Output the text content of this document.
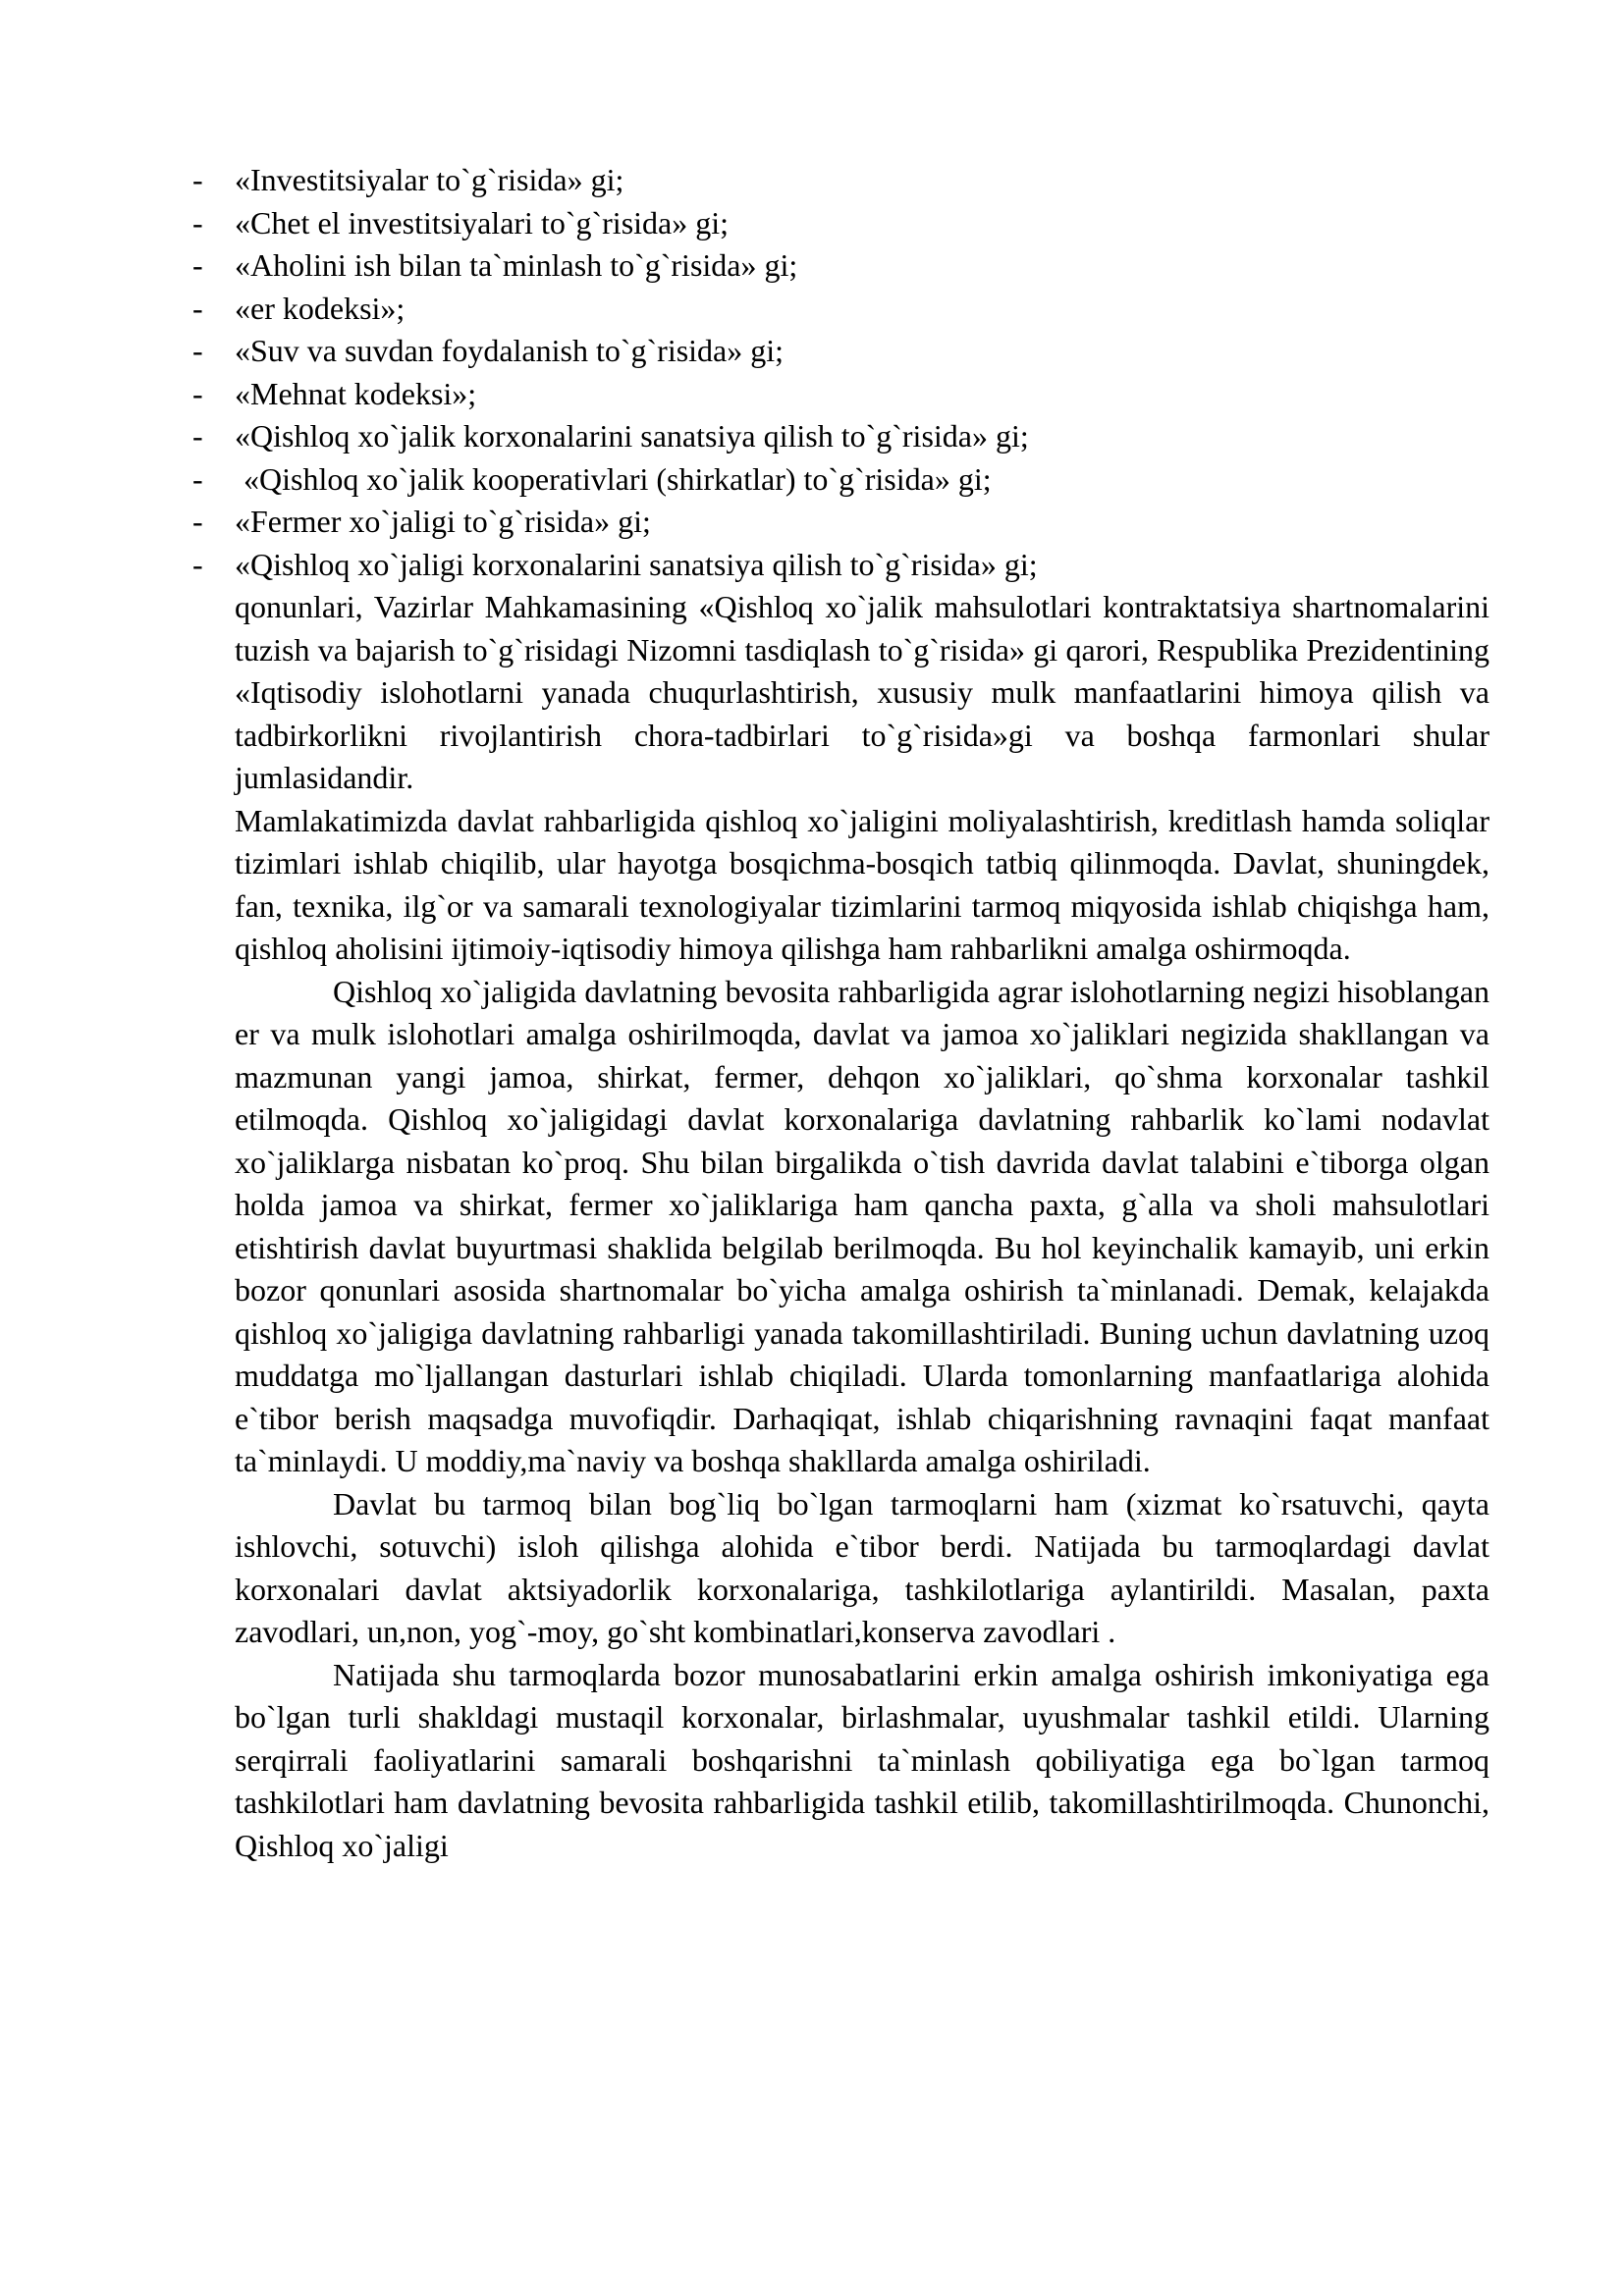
- «Investitsiyalar to`g`risida» gi;
- «Chet el investitsiyalari to`g`risida» gi;
- «Aholini ish bilan ta`minlash to`g`risida» gi;
- «er kodeksi»;
- «Suv va suvdan foydalanish to`g`risida» gi;
- «Mehnat kodeksi»;
- «Qishloq xo`jalik korxonalarini sanatsiya qilish to`g`risida» gi;
- «Qishloq xo`jalik kooperativlari (shirkatlar) to`g`risida» gi;
- «Fermer xo`jaligi to`g`risida» gi;
- «Qishloq xo`jaligi korxonalarini sanatsiya qilish to`g`risida» gi;

qonunlari, Vazirlar Mahkamasining «Qishloq xo`jalik mahsulotlari kontraktatsiya shartnomalarini tuzish va bajarish to`g`risidagi Nizomni tasdiqlash to`g`risida» gi qarori, Respublika Prezidentining «Iqtisodiy islohotlarni yanada chuqurlashtirish, xususiy mulk manfaatlarini himoya qilish va tadbirkorlikni rivojlantirish chora-tadbirlari to`g`risida»gi va boshqa farmonlari shular jumlasidandir.

Mamlakatimizda davlat rahbarligida qishloq xo`jaligini moliyalashtirish, kreditlash hamda soliqlar tizimlari ishlab chiqilib, ular hayotga bosqichma-bosqich tatbiq qilinmoqda. Davlat, shuningdek, fan, texnika, ilg`or va samarali texnologiyalar tizimlarini tarmoq miqyosida ishlab chiqishga ham, qishloq aholisini ijtimoiy-iqtisodiy himoya qilishga ham rahbarlikni amalga oshirmoqda.

Qishloq xo`jaligida davlatning bevosita rahbarligida agrar islohotlarning negizi hisoblangan er va mulk islohotlari amalga oshirilmoqda, davlat va jamoa xo`jaliklari negizida shakllangan va mazmunan yangi jamoa, shirkat, fermer, dehqon xo`jaliklari, qo`shma korxonalar tashkil etilmoqda. Qishloq xo`jaligidagi davlat korxonalariga davlatning rahbarlik ko`lami nodavlat xo`jaliklarga nisbatan ko`proq. Shu bilan birgalikda o`tish davrida davlat talabini e`tiborga olgan holda jamoa va shirkat, fermer xo`jaliklariga ham qancha paxta, g`alla va sholi mahsulotlari etishtirish davlat buyurtmasi shaklida belgilab berilmoqda. Bu hol keyinchalik kamayib, uni erkin bozor qonunlari asosida shartnomalar bo`yicha amalga oshirish ta`minlanadi. Demak, kelajakda qishloq xo`jaligiga davlatning rahbarligi yanada takomillashtiriladi. Buning uchun davlatning uzoq muddatga mo`ljallangan dasturlari ishlab chiqiladi. Ularda tomonlarning manfaatlariga alohida e`tibor berish maqsadga muvofiqdir. Darhaqiqat, ishlab chiqarishning ravnaqini faqat manfaat ta`minlaydi. U moddiy,ma`naviy va boshqa shakllarda amalga oshiriladi.

Davlat bu tarmoq bilan bog`liq bo`lgan tarmoqlarni ham (xizmat ko`rsatuvchi, qayta ishlovchi, sotuvchi) isloh qilishga alohida e`tibor berdi. Natijada bu tarmoqlardagi davlat korxonalari davlat aktsiyadorlik korxonalariga, tashkilotlariga aylantirildi. Masalan, paxta zavodlari, un,non, yog`-moy, go`sht kombinatlari,konserva zavodlari .

Natijada shu tarmoqlarda bozor munosabatlarini erkin amalga oshirish imkoniyatiga ega bo`lgan turli shakldagi mustaqil korxonalar, birlashmalar, uyushmalar tashkil etildi. Ularning serqirrali faoliyatlarini samarali boshqarishni ta`minlash qobiliyatiga ega bo`lgan tarmoq tashkilotlari ham davlatning bevosita rahbarligida tashkil etilib, takomillashtirilmoqda. Chunonchi, Qishloq xo`jaligi
